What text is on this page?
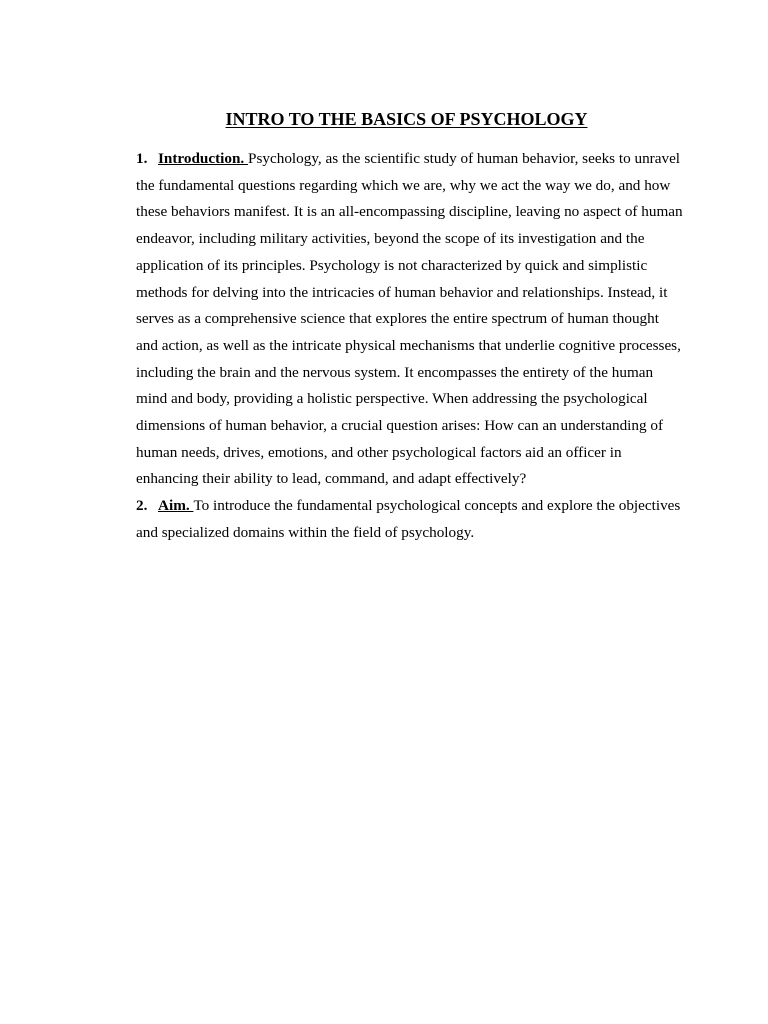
INTRO TO THE BASICS OF PSYCHOLOGY

1. Introduction. Psychology, as the scientific study of human behavior, seeks to unravel the fundamental questions regarding which we are, why we act the way we do, and how these behaviors manifest. It is an all-encompassing discipline, leaving no aspect of human endeavor, including military activities, beyond the scope of its investigation and the application of its principles. Psychology is not characterized by quick and simplistic methods for delving into the intricacies of human behavior and relationships. Instead, it serves as a comprehensive science that explores the entire spectrum of human thought and action, as well as the intricate physical mechanisms that underlie cognitive processes, including the brain and the nervous system. It encompasses the entirety of the human mind and body, providing a holistic perspective. When addressing the psychological dimensions of human behavior, a crucial question arises: How can an understanding of human needs, drives, emotions, and other psychological factors aid an officer in enhancing their ability to lead, command, and adapt effectively?

2. Aim. To introduce the fundamental psychological concepts and explore the objectives and specialized domains within the field of psychology.
